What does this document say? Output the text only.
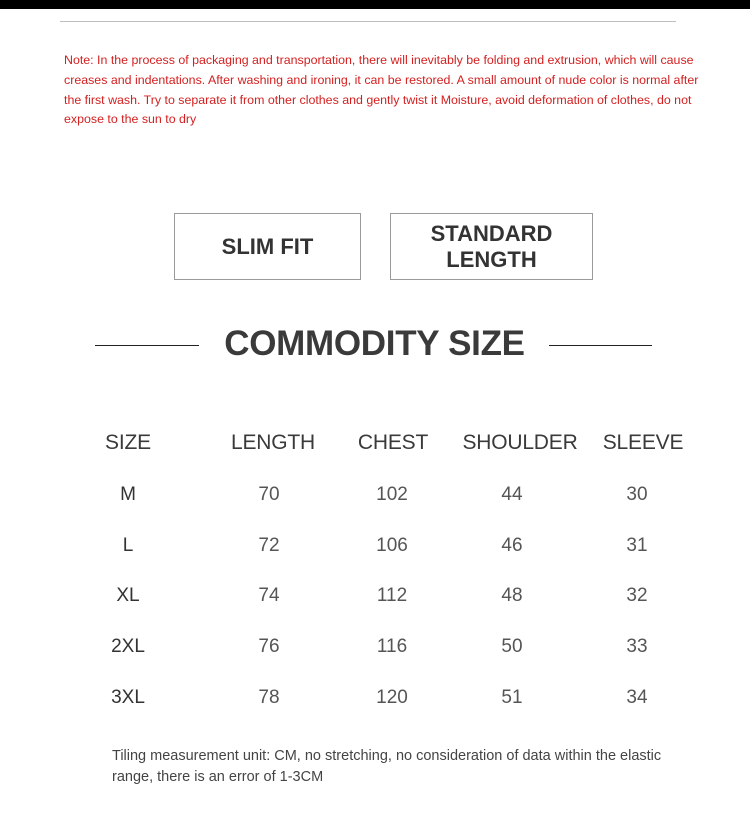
Note: In the process of packaging and transportation, there will inevitably be folding and extrusion, which will cause creases and indentations. After washing and ironing, it can be restored. A small amount of nude color is normal after the first wash. Try to separate it from other clothes and gently twist it Moisture, avoid deformation of clothes, do not expose to the sun to dry
SLIM FIT
STANDARD LENGTH
COMMODITY SIZE
SIZE	LENGTH	CHEST	SHOULDER	SLEEVE
M	70	102	44	30
L	72	106	46	31
XL	74	112	48	32
2XL	76	116	50	33
3XL	78	120	51	34
Tiling measurement unit: CM, no stretching, no consideration of data within the elastic range, there is an error of 1-3CM
